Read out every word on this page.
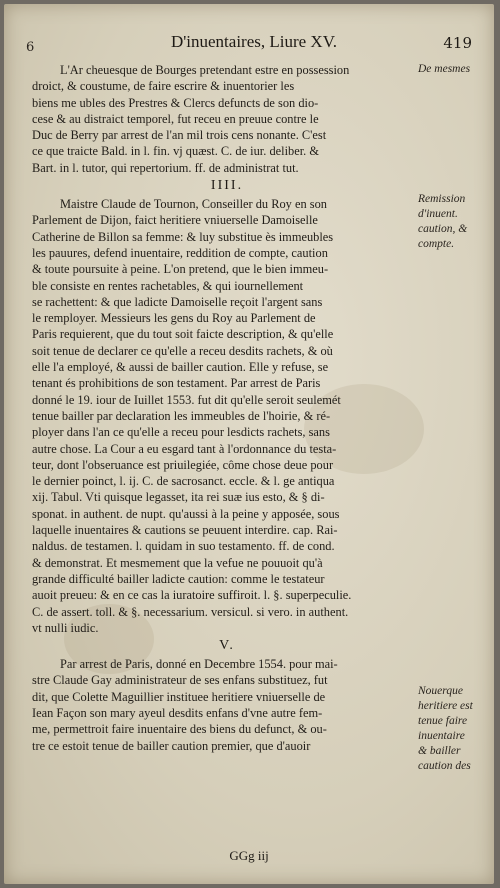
6	D'inuentaires, Liure XV.	419
L'Ar cheuesque de Bourges pretendant estre en possession
droict, & coustume, de faire escrire & inuentorier les
biens me ubles des Prestres & Clercs defuncts de son dio-
cese & au distraict temporel, fut receu en preuue contre le
Duc de Berry par arrest de l'an mil trois cens nonante. C'est
ce que traicte Bald. in l. fin. vj quæst. C. de iur. deliber. &
Bart. in l. tutor, qui repertorium. ff. de administrat tut.
IIII.
Maistre Claude de Tournon, Conseiller du Roy en son
Parlement de Dijon, faict heritiere vniuerselle Damoiselle
Catherine de Billon sa femme: & luy substitue ès immeubles
les pauures, defend inuentaire, reddition de compte, caution
& toute poursuite à peine. L'on pretend, que le bien immeu-
ble consiste en rentes rachetables, & qui iournellement
se rachettent: & que ladicte Damoiselle reçoit l'argent sans
le remployer. Messieurs les gens du Roy au Parlement de
Paris requierent, que du tout soit faicte description, & qu'elle
soit tenue de declarer ce qu'elle a receu desdits rachets, & où
elle l'a employé, & aussi de bailler caution. Elle y refuse, se
tenant és prohibitions de son testament. Par arrest de Paris
donné le 19. iour de Iuillet 1553. fut dit qu'elle seroit seulemét
tenue bailler par declaration les immeubles de l'hoirie, & ré-
ployer dans l'an ce qu'elle a receu pour lesdicts rachets, sans
autre chose. La Cour a eu esgard tant à l'ordonnance du testa-
teur, dont l'obseruance est priuilegiée, côme chose deue pour
le dernier poinct, l. ij. C. de sacrosanct. eccle. & l. ge antiqua
xij. Tabul. Vti quisque legasset, ita rei suæ ius esto, & § di-
sponat. in authent. de nupt. qu'aussi à la peine y apposée, sous
laquelle inuentaires & cautions se peuuent interdire. cap. Rai-
naldus. de testamen. l. quidam in suo testamento. ff. de cond.
& demonstrat. Et mesmement que la vefue ne pouuoit qu'à
grande difficulté bailler ladicte caution: comme le testateur
auoit preueu: & en ce cas la iuratoire suffiroit. l. §. superpeculie.
C. de assert. toll. & §. necessarium. versicul. si vero. in authent.
vt nulli iudic.
V.
Par arrest de Paris, donné en Decembre 1554. pour mai-
stre Claude Gay administrateur de ses enfans substituez, fut
dit, que Colette Maguillier instituee heritiere vniuerselle de
Iean Façon son mary ayeul desdits enfans d'vne autre fem-
me, permettroit faire inuentaire des biens du defunct, & ou-
tre ce estoit tenue de bailler caution premier, que d'auoir
De mesmes
Remission
d'inuent.
caution, &
compte.
Nouerque
heritiere est
tenue faire
inuentaire
& bailler
caution des
GGg iij
